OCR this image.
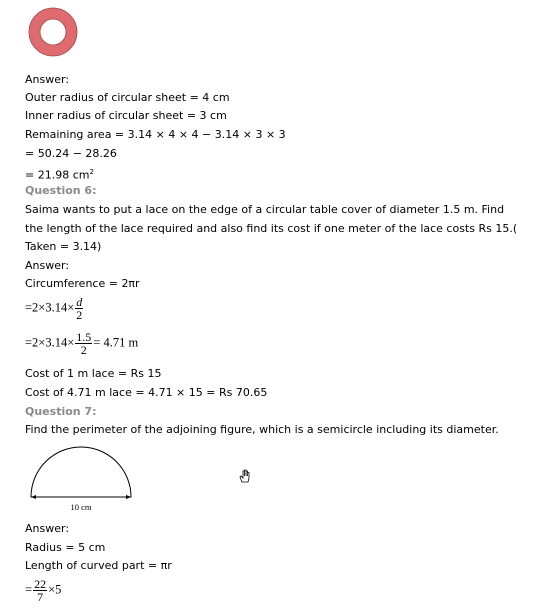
Answer:
Outer radius of circular sheet = 4 cm
Inner radius of circular sheet = 3 cm
Remaining area = 3.14 × 4 × 4 − 3.14 × 3 × 3
= 50.24 − 28.26
= 21.98 $cm^2$
Question 6:
Saima wants to put a lace on the edge of a circular table cover of diameter 1.5 m. Find
the length of the lace required and also find its cost if one meter of the lace costs Rs 15.(
Taken = 3.14)
Answer:
Circumference = 2πr
$=2\times 3.14\times \frac{d}{2}$
$=2\times 3.14\times \frac{1.5}{2} = 4.71$ m
Cost of 1 m lace = Rs 15
Cost of 4.71 m lace = 4.71 × 15 = Rs 70.65
Question 7:
Find the perimeter of the adjoining figure, which is a semicircle including its diameter.
10 cm
Answer:
Radius = 5 cm
Length of curved part = πr
= $\frac{22}{7} \times 5$
